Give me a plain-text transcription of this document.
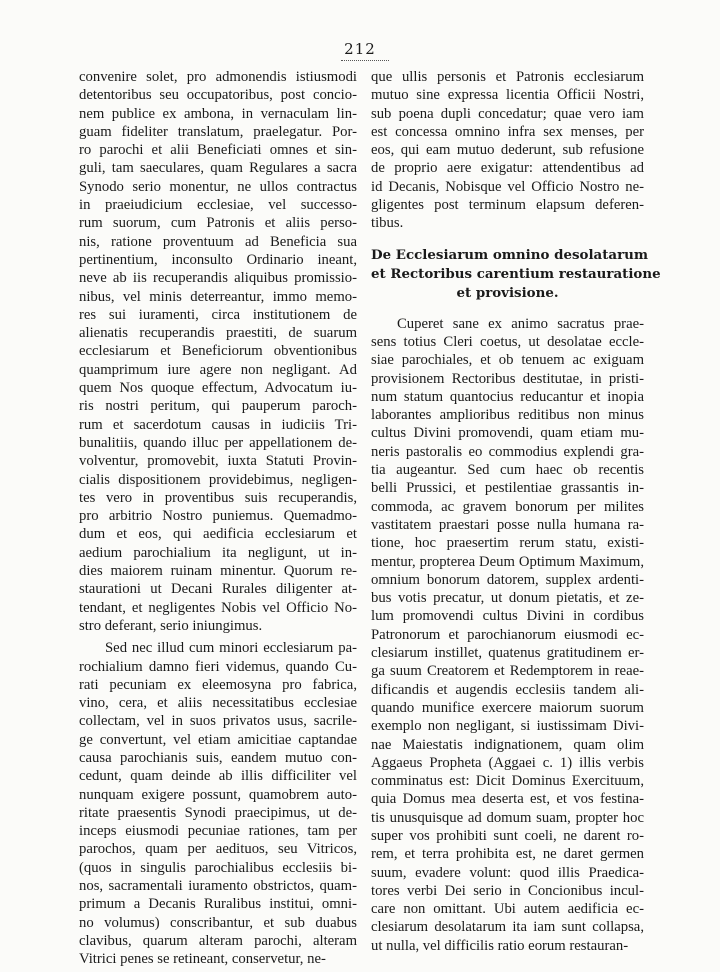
212
convenire solet, pro admonendis istiusmodi
detentoribus seu occupatoribus, post concio-
nem publice ex ambona, in vernaculam lin-
guam fideliter translatum, praelegatur. Por-
ro parochi et alii Beneficiati omnes et sin-
guli, tam saeculares, quam Regulares a sacra
Synodo serio monentur, ne ullos contractus
in praeiudicium ecclesiae, vel successo-
rum suorum, cum Patronis et aliis perso-
nis, ratione proventuum ad Beneficia sua
pertinentium, inconsulto Ordinario ineant,
neve ab iis recuperandis aliquibus promissio-
nibus, vel minis deterreantur, immo memo-
res sui iuramenti, circa institutionem de
alienatis recuperandis praestiti, de suarum
ecclesiarum et Beneficiorum obventionibus
quamprimum iure agere non negligant. Ad
quem Nos quoque effectum, Advocatum iu-
ris nostri peritum, qui pauperum paroch-
rum et sacerdotum causas in iudiciis Tri-
bunalitiis, quando illuc per appellationem de-
volventur, promovebit, iuxta Statuti Provin-
cialis dispositionem providebimus, negligen-
tes vero in proventibus suis recuperandis,
pro arbitrio Nostro puniemus. Quemadmo-
dum et eos, qui aedificia ecclesiarum et
aedium parochialium ita negligunt, ut in-
dies maiorem ruinam minentur. Quorum re-
staurationi ut Decani Rurales diligenter at-
tendant, et negligentes Nobis vel Officio No-
stro deferant, serio iniungimus.
Sed nec illud cum minori ecclesiarum pa-
rochialium damno fieri videmus, quando Cu-
rati pecuniam ex eleemosyna pro fabrica,
vino, cera, et aliis necessitatibus ecclesiae
collectam, vel in suos privatos usus, sacrile-
ge convertunt, vel etiam amicitiae captandae
causa parochianis suis, eandem mutuo con-
cedunt, quam deinde ab illis difficiliter vel
nunquam exigere possunt, quamobrem auto-
ritate praesentis Synodi praecipimus, ut de-
inceps eiusmodi pecuniae rationes, tam per
parochos, quam per aedituos, seu Vitricos,
(quos in singulis parochialibus ecclesiis bi-
nos, sacramentali iuramento obstrictos, quam-
primum a Decanis Ruralibus institui, omni-
no volumus) conscribantur, et sub duabus
clavibus, quarum alteram parochi, alteram
Vitrici penes se retineant, conservetur, ne-
que ullis personis et Patronis ecclesiarum
mutuo sine expressa licentia Officii Nostri,
sub poena dupli concedatur; quae vero iam
est concessa omnino infra sex menses, per
eos, qui eam mutuo dederunt, sub refusione
de proprio aere exigatur: attendentibus ad
id Decanis, Nobisque vel Officio Nostro ne-
gligentes post terminum elapsum deferen-
tibus.
De Ecclesiarum omnino desolatarum
et Rectoribus carentium restauratione
et provisione.
Cuperet sane ex animo sacratus prae-
sens totius Cleri coetus, ut desolatae eccle-
siae parochiales, et ob tenuem ac exiguam
provisionem Rectoribus destitutae, in pristi-
num statum quantocius reducantur et inopia
laborantes amplioribus reditibus non minus
cultus Divini promovendi, quam etiam mu-
neris pastoralis eo commodius explendi gra-
tia augeantur. Sed cum haec ob recentis
belli Prussici, et pestilentiae grassantis in-
commoda, ac gravem bonorum per milites
vastitatem praestari posse nulla humana ra-
tione, hoc praesertim rerum statu, existi-
mentur, propterea Deum Optimum Maximum,
omnium bonorum datorem, supplex ardenti-
bus votis precatur, ut donum pietatis, et ze-
lum promovendi cultus Divini in cordibus
Patronorum et parochianorum eiusmodi ec-
clesiarum instillet, quatenus gratitudinem er-
ga suum Creatorem et Redemptorem in reae-
dificandis et augendis ecclesiis tandem ali-
quando munifice exercere maiorum suorum
exemplo non negligant, si iustissimam Divi-
nae Maiestatis indignationem, quam olim
Aggaeus Propheta (Aggaei c. 1) illis verbis
comminatus est: Dicit Dominus Exercituum,
quia Domus mea deserta est, et vos festina-
tis unusquisque ad domum suam, propter hoc
super vos prohibiti sunt coeli, ne darent ro-
rem, et terra prohibita est, ne daret germen
suum, evadere volunt: quod illis Praedica-
tores verbi Dei serio in Concionibus incul-
care non omittant. Ubi autem aedificia ec-
clesiarum desolatarum ita iam sunt collapsa,
ut nulla, vel difficilis ratio eorum restauran-
